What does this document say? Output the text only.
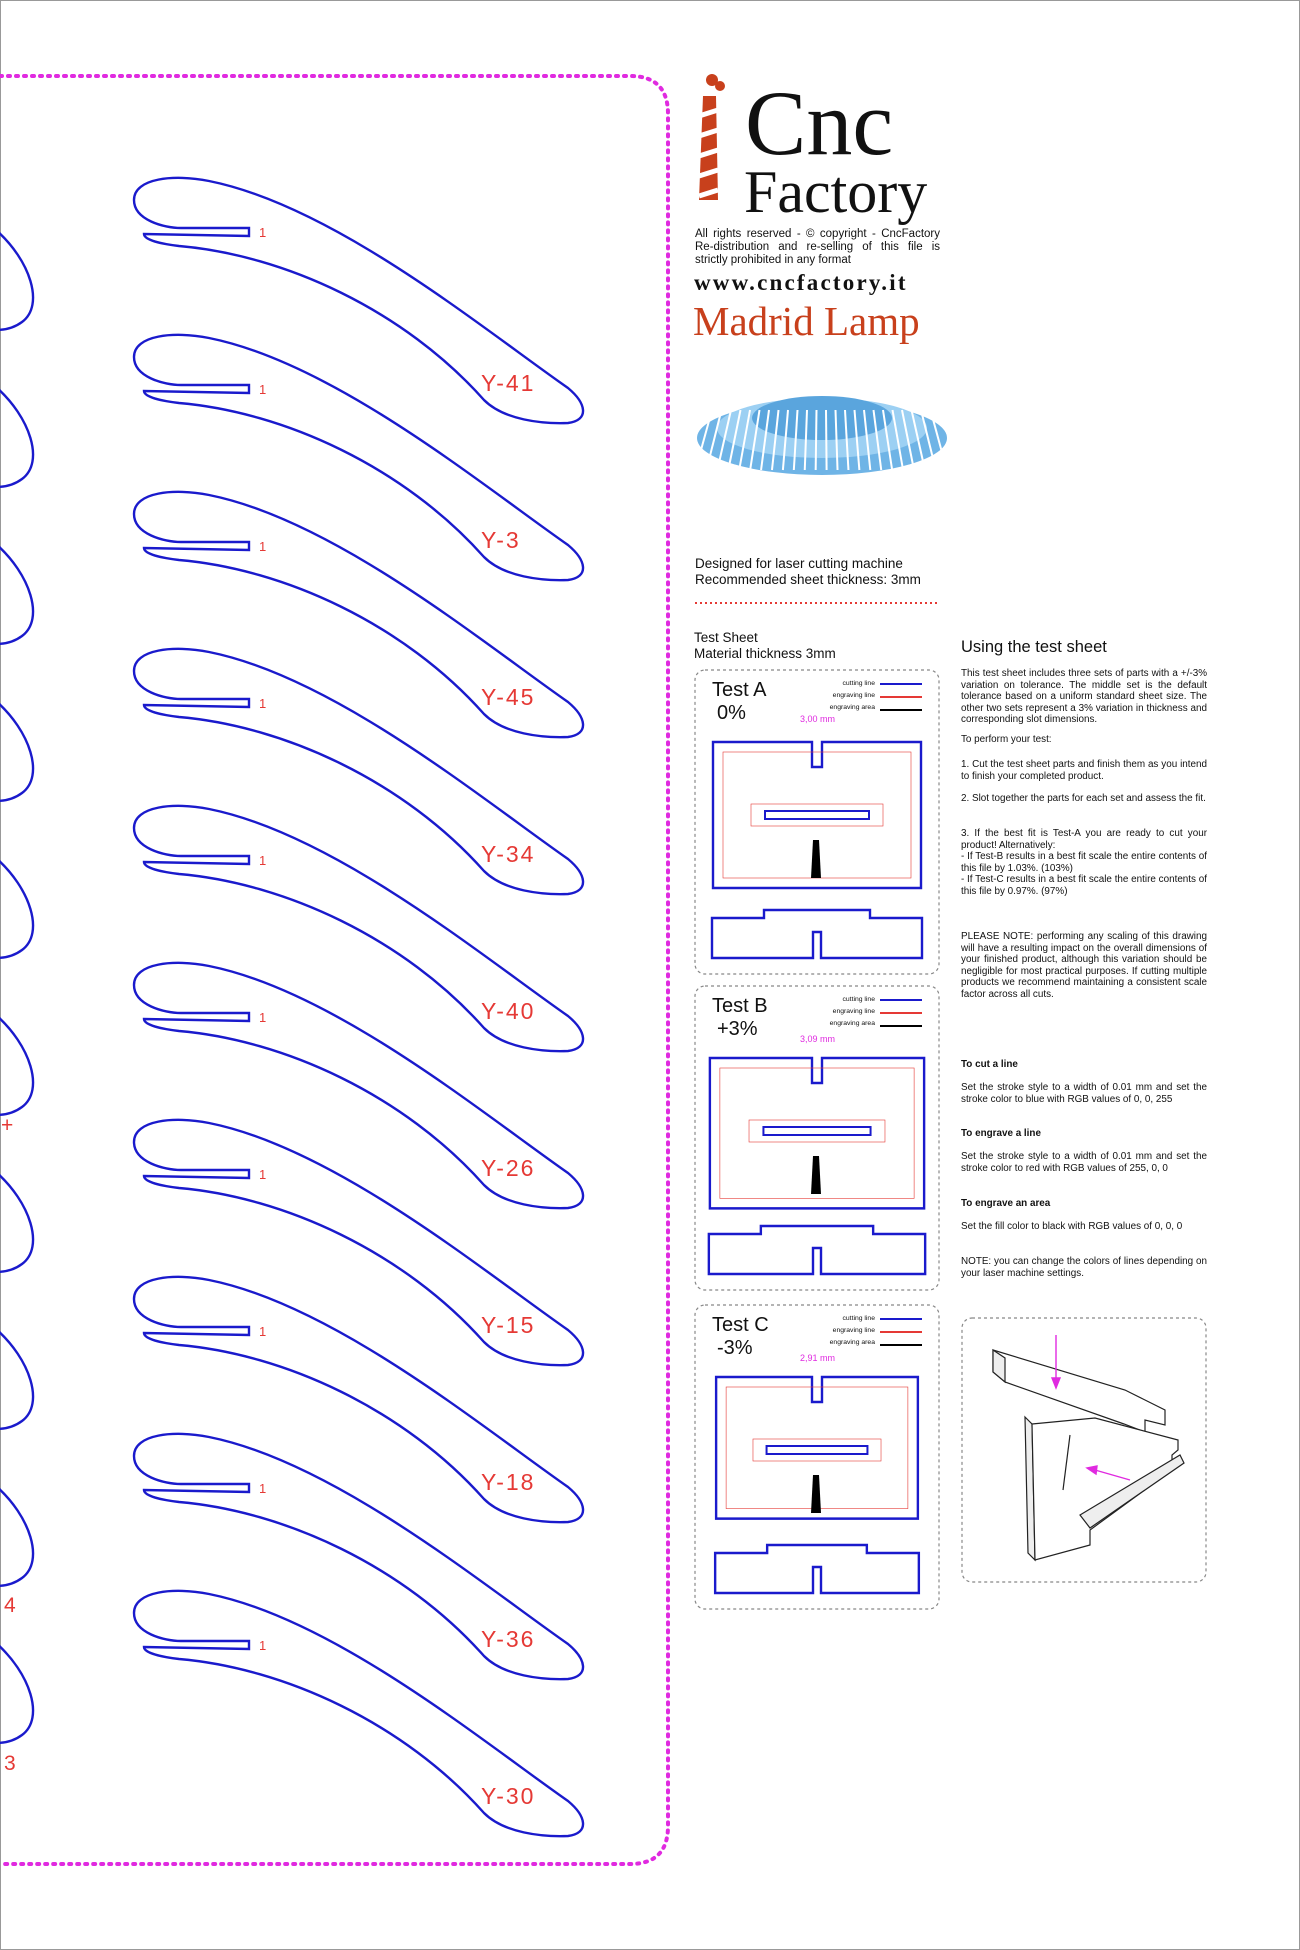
+
4
3
1
Y-41
1
Y-3
1
Y-45
1
Y-34
1
Y-40
1
Y-26
1
Y-15
1
Y-18
1
Y-36
1
Y-30
Cnc
Factory
All rights reserved - © copyright - CncFactory Re-distribution and re-selling of this file is strictly prohibited in any format
www.cncfactory.it
Madrid Lamp
Designed for laser cutting machine
Recommended sheet thickness: 3mm
Test Sheet
Material thickness 3mm
Test A
0%	3,00 mm
Test B
+3%	3,09 mm
Test C
-3%	2,91 mm
cutting line
engraving line
engraving area
cutting line
engraving line
engraving area
cutting line
engraving line
engraving area
Using the test sheet
This test sheet includes three sets of parts with a +/-3% variation on tolerance. The middle set is the default tolerance based on a uniform standard sheet size. The other two sets represent a 3% variation in thickness and corresponding slot dimensions.
To perform your test:
1. Cut the test sheet parts and finish them as you intend to finish your completed product.
2. Slot together the parts for each set and assess the fit.
3. If the best fit is Test-A you are ready to cut your product! Alternatively:
- If Test-B results in a best fit scale the entire contents of this file by 1.03%. (103%)
- If Test-C results in a best fit scale the entire contents of this file by 0.97%. (97%)
PLEASE NOTE: performing any scaling of this drawing will have a resulting impact on the overall dimensions of your finished product, although this variation should be negligible for most practical purposes. If cutting multiple products we recommend maintaining a consistent scale factor across all cuts.
To cut a line
Set the stroke style to a width of 0.01 mm and set the stroke color to blue with RGB values of 0, 0, 255
To engrave a line
Set the stroke style to a width of 0.01 mm and set the stroke color to red with RGB values of 255, 0, 0
To engrave an area
Set the fill color to black with RGB values of 0, 0, 0
NOTE: you can change the colors of lines depending on your laser machine settings.
